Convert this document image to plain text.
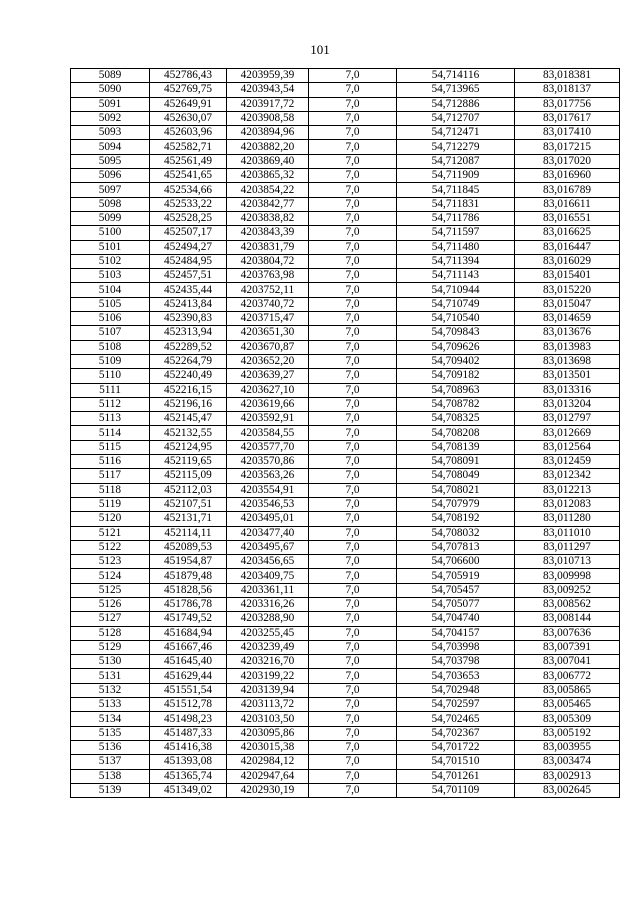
101
5089	452786,43	4203959,39	7,0	54,714116	83,018381
5090	452769,75	4203943,54	7,0	54,713965	83,018137
5091	452649,91	4203917,72	7,0	54,712886	83,017756
5092	452630,07	4203908,58	7,0	54,712707	83,017617
5093	452603,96	4203894,96	7,0	54,712471	83,017410
5094	452582,71	4203882,20	7,0	54,712279	83,017215
5095	452561,49	4203869,40	7,0	54,712087	83,017020
5096	452541,65	4203865,32	7,0	54,711909	83,016960
5097	452534,66	4203854,22	7,0	54,711845	83,016789
5098	452533,22	4203842,77	7,0	54,711831	83,016611
5099	452528,25	4203838,82	7,0	54,711786	83,016551
5100	452507,17	4203843,39	7,0	54,711597	83,016625
5101	452494,27	4203831,79	7,0	54,711480	83,016447
5102	452484,95	4203804,72	7,0	54,711394	83,016029
5103	452457,51	4203763,98	7,0	54,711143	83,015401
5104	452435,44	4203752,11	7,0	54,710944	83,015220
5105	452413,84	4203740,72	7,0	54,710749	83,015047
5106	452390,83	4203715,47	7,0	54,710540	83,014659
5107	452313,94	4203651,30	7,0	54,709843	83,013676
5108	452289,52	4203670,87	7,0	54,709626	83,013983
5109	452264,79	4203652,20	7,0	54,709402	83,013698
5110	452240,49	4203639,27	7,0	54,709182	83,013501
5111	452216,15	4203627,10	7,0	54,708963	83,013316
5112	452196,16	4203619,66	7,0	54,708782	83,013204
5113	452145,47	4203592,91	7,0	54,708325	83,012797
5114	452132,55	4203584,55	7,0	54,708208	83,012669
5115	452124,95	4203577,70	7,0	54,708139	83,012564
5116	452119,65	4203570,86	7,0	54,708091	83,012459
5117	452115,09	4203563,26	7,0	54,708049	83,012342
5118	452112,03	4203554,91	7,0	54,708021	83,012213
5119	452107,51	4203546,53	7,0	54,707979	83,012083
5120	452131,71	4203495,01	7,0	54,708192	83,011280
5121	452114,11	4203477,40	7,0	54,708032	83,011010
5122	452089,53	4203495,67	7,0	54,707813	83,011297
5123	451954,87	4203456,65	7,0	54,706600	83,010713
5124	451879,48	4203409,75	7,0	54,705919	83,009998
5125	451828,56	4203361,11	7,0	54,705457	83,009252
5126	451786,78	4203316,26	7,0	54,705077	83,008562
5127	451749,52	4203288,90	7,0	54,704740	83,008144
5128	451684,94	4203255,45	7,0	54,704157	83,007636
5129	451667,46	4203239,49	7,0	54,703998	83,007391
5130	451645,40	4203216,70	7,0	54,703798	83,007041
5131	451629,44	4203199,22	7,0	54,703653	83,006772
5132	451551,54	4203139,94	7,0	54,702948	83,005865
5133	451512,78	4203113,72	7,0	54,702597	83,005465
5134	451498,23	4203103,50	7,0	54,702465	83,005309
5135	451487,33	4203095,86	7,0	54,702367	83,005192
5136	451416,38	4203015,38	7,0	54,701722	83,003955
5137	451393,08	4202984,12	7,0	54,701510	83,003474
5138	451365,74	4202947,64	7,0	54,701261	83,002913
5139	451349,02	4202930,19	7,0	54,701109	83,002645
